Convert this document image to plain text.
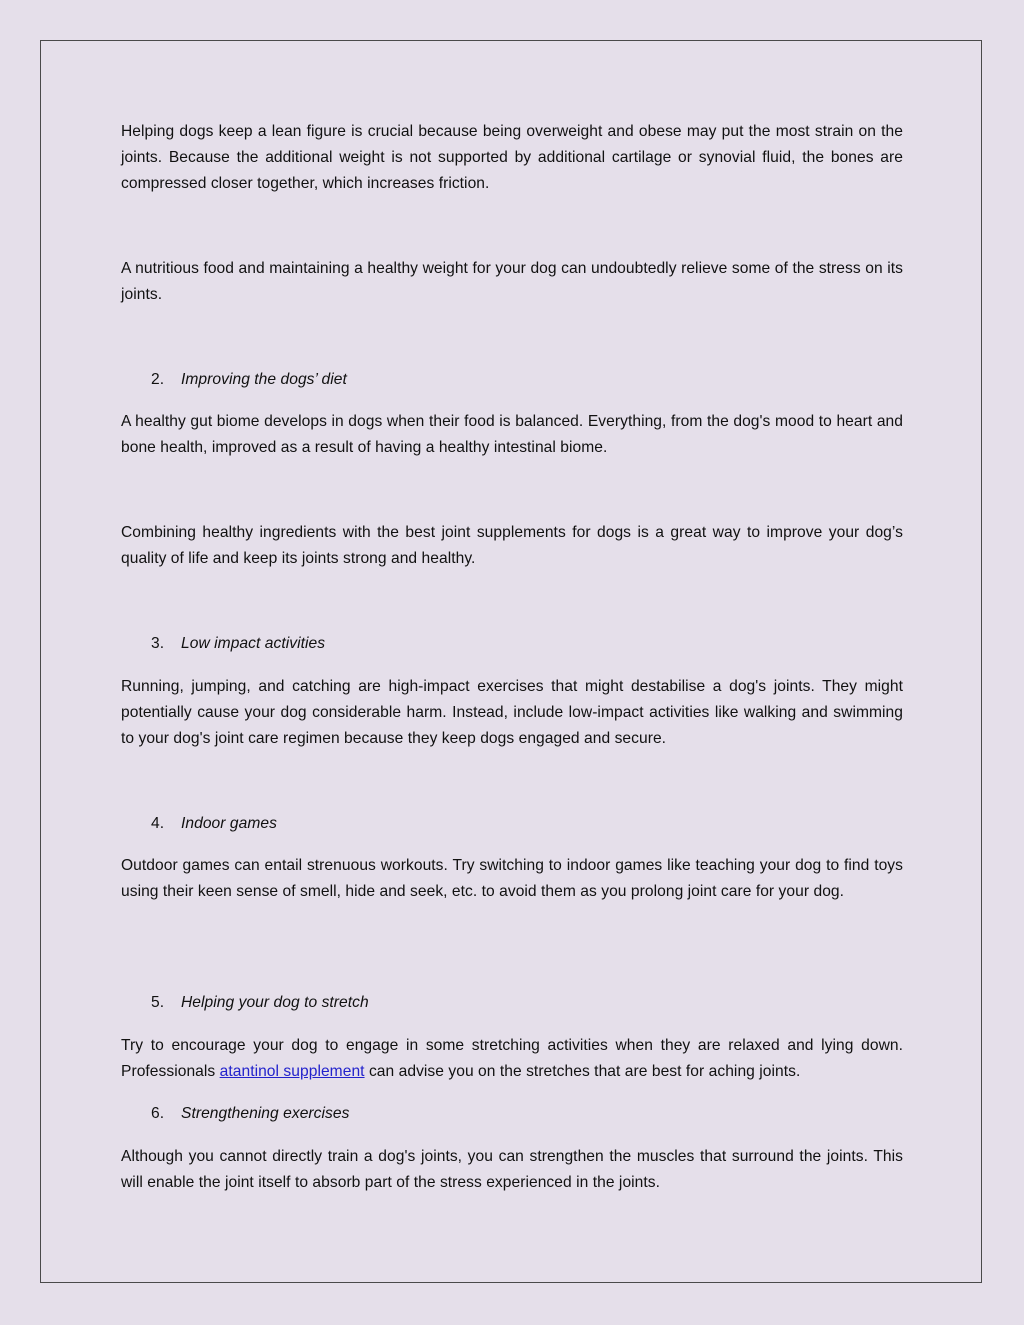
Helping dogs keep a lean figure is crucial because being overweight and obese may put the most strain on the joints. Because the additional weight is not supported by additional cartilage or synovial fluid, the bones are compressed closer together, which increases friction.

A nutritious food and maintaining a healthy weight for your dog can undoubtedly relieve some of the stress on its joints.

2. Improving the dogs’ diet

A healthy gut biome develops in dogs when their food is balanced. Everything, from the dog's mood to heart and bone health, improved as a result of having a healthy intestinal biome.

Combining healthy ingredients with the best joint supplements for dogs is a great way to improve your dog’s quality of life and keep its joints strong and healthy.

3. Low impact activities

Running, jumping, and catching are high-impact exercises that might destabilise a dog's joints. They might potentially cause your dog considerable harm. Instead, include low-impact activities like walking and swimming to your dog's joint care regimen because they keep dogs engaged and secure.

4. Indoor games

Outdoor games can entail strenuous workouts. Try switching to indoor games like teaching your dog to find toys using their keen sense of smell, hide and seek, etc. to avoid them as you prolong joint care for your dog.

5. Helping your dog to stretch

Try to encourage your dog to engage in some stretching activities when they are relaxed and lying down. Professionals atantinol supplement can advise you on the stretches that are best for aching joints.

6. Strengthening exercises

Although you cannot directly train a dog's joints, you can strengthen the muscles that surround the joints. This will enable the joint itself to absorb part of the stress experienced in the joints.
